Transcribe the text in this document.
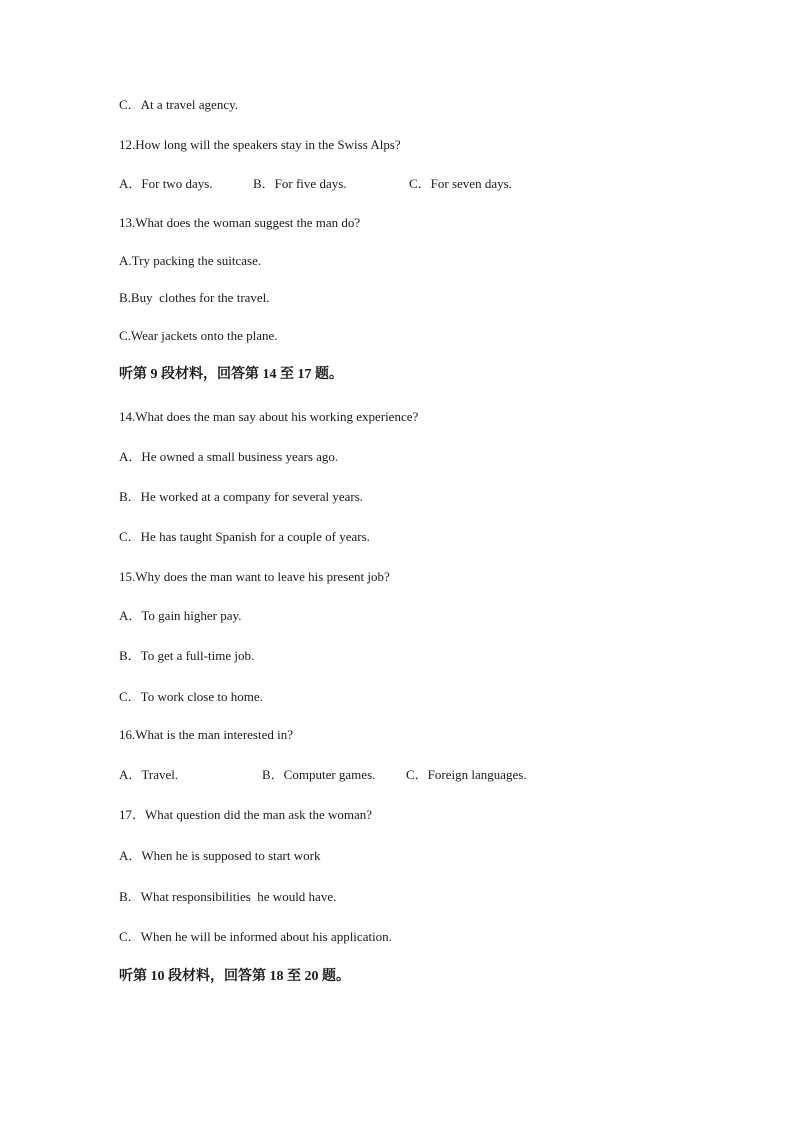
C．At a travel agency.
12.How long will the speakers stay in the Swiss Alps?
A．For two days.	B．For five days.	C．For seven days.
13.What does the woman suggest the man do?
A.Try packing the suitcase.
B.Buy  clothes for the travel.
C.Wear jackets onto the plane.
听第 9 段材料，回答第 14 至 17 题。
14.What does the man say about his working experience?
A．He owned a small business years ago.
B．He worked at a company for several years.
C．He has taught Spanish for a couple of years.
15.Why does the man want to leave his present job?
A．To gain higher pay.
B．To get a full-time job.
C．To work close to home.
16.What is the man interested in?
A．Travel.	B．Computer games. C．Foreign languages.
17．What question did the man ask the woman?
A．When he is supposed to start work
B．What responsibilities  he would have.
C．When he will be informed about his application.
听第 10 段材料，回答第 18 至 20 题。
